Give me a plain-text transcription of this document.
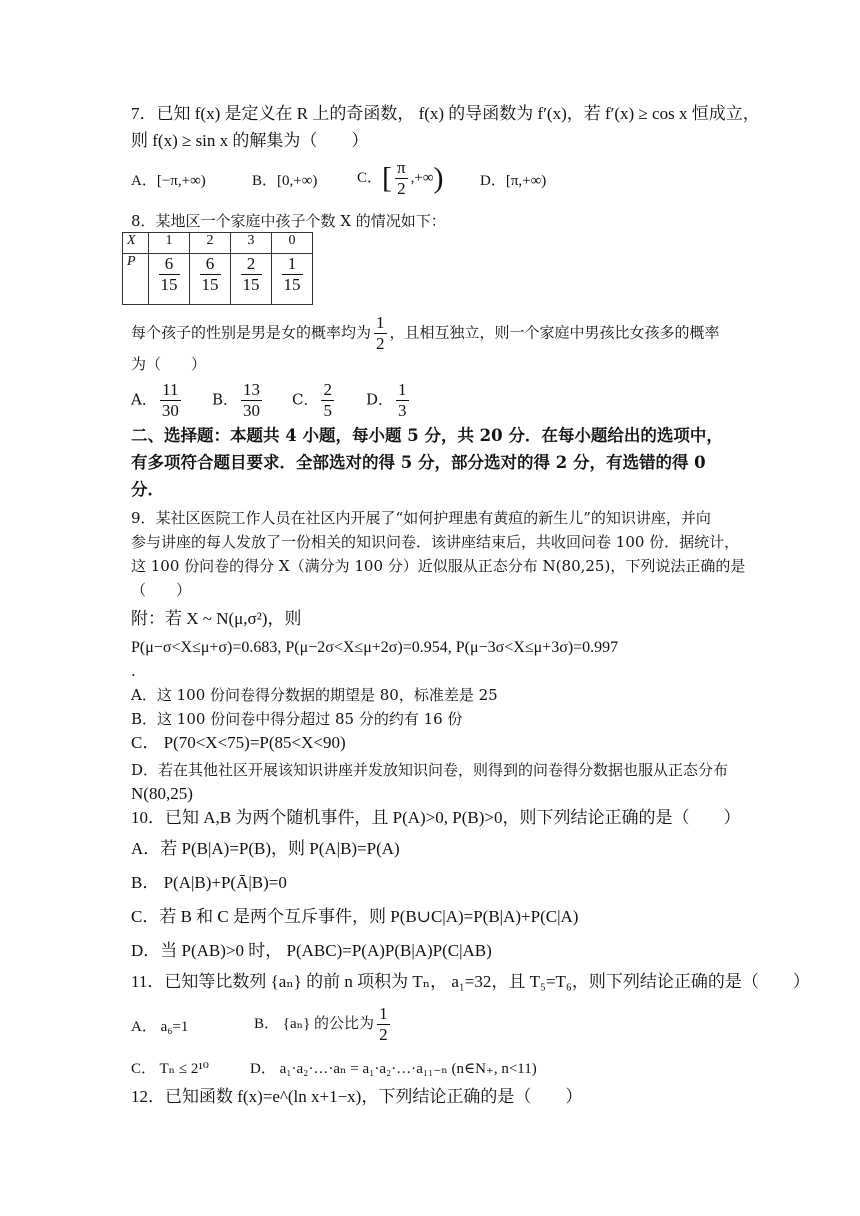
7．已知 f(x) 是定义在 R 上的奇函数， f(x) 的导函数为 f′(x)，若 f′(x) ≥ cos x 恒成立，
则 f(x) ≥ sin x 的解集为（　　）
A．[−π,+∞)	B．[0,+∞)	C．[ $\frac{\pi}{2}$ ,+∞) D．[π,+∞)
8．某地区一个家庭中孩子个数 X 的情况如下：
X	1	2	3	0
P	$\frac{6}{15}$	$\frac{6}{15}$	$\frac{2}{15}$	$\frac{1}{15}$
每个孩子的性别是男是女的概率均为 $\frac{1}{2}$ ，且相互独立，则一个家庭中男孩比女孩多的概率
为（　　）
A． $\frac{11}{30}$ B． $\frac{13}{30}$ C． $\frac{2}{5}$ D． $\frac{1}{3}$
二、选择题：本题共 4 小题，每小题 5 分，共 20 分．在每小题给出的选项中，
有多项符合题目要求．全部选对的得 5 分，部分选对的得 2 分，有选错的得 0
分．
9．某社区医院工作人员在社区内开展了“如何护理患有黄疸的新生儿”的知识讲座，并向
参与讲座的每人发放了一份相关的知识问卷．该讲座结束后，共收回问卷 100 份．据统计，
这 100 份问卷的得分 X（满分为 100 分）近似服从正态分布 N(80,25)，下列说法正确的是
（　　）
附：若 X ~ N(μ,σ²)，则
P(μ−σ<X≤μ+σ)=0.683, P(μ−2σ<X≤μ+2σ)=0.954, P(μ−3σ<X≤μ+3σ)=0.997
.
A．这 100 份问卷得分数据的期望是 80，标准差是 25
B．这 100 份问卷中得分超过 85 分的约有 16 份
C． P(70<X<75)=P(85<X<90)
D．若在其他社区开展该知识讲座并发放知识问卷，则得到的问卷得分数据也服从正态分布
N(80,25)
10．已知 A,B 为两个随机事件，且 P(A)>0, P(B)>0，则下列结论正确的是（　　）
A．若 P(B|A)=P(B)，则 P(A|B)=P(A)
B． P(A|B)+P(Ā|B)=0
C．若 B 和 C 是两个互斥事件，则 P(B∪C|A)=P(B|A)+P(C|A)
D．当 P(AB)>0 时， P(ABC)=P(A)P(B|A)P(C|AB)
11．已知等比数列 {aₙ} 的前 n 项积为 Tₙ， a₁=32，且 T₅=T₆，则下列结论正确的是（　　）
A． a₆=1	B． {aₙ} 的公比为 $\frac{1}{2}$
C． Tₙ ≤ 2¹⁰	D． a₁·a₂·…·aₙ = a₁·a₂·…·a₁₁₋ₙ (n∈N₊, n<11)
12．已知函数 f(x)=e^(ln x+1−x)，下列结论正确的是（　　）
